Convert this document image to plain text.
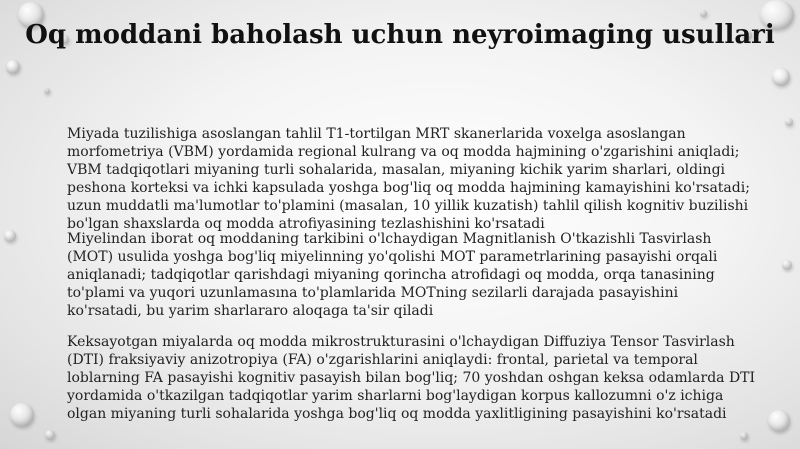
Oq moddani baholash uchun neyroimaging usullari
Miyada tuzilishiga asoslangan tahlil T1-tortilgan MRT skanerlarida voxelga asoslangan morfometriya (VBM) yordamida regional kulrang va oq modda hajmining o'zgarishini aniqladi; VBM tadqiqotlari miyaning turli sohalarida, masalan, miyaning kichik yarim sharlari, oldingi peshona korteksi va ichki kapsulada yoshga bog'liq oq modda hajmining kamayishini ko'rsatadi; uzun muddatli ma'lumotlar to'plamini (masalan, 10 yillik kuzatish) tahlil qilish kognitiv buzilishi bo'lgan shaxslarda oq modda atrofiyasining tezlashishini ko'rsatadi
Miyelindan iborat oq moddaning tarkibini o'lchaydigan Magnitlanish O'tkazishli Tasvirlash (MOT) usulida yoshga bog'liq miyelinning yo'qolishi MOT parametrlarining pasayishi orqali aniqlanadi; tadqiqotlar qarishdagi miyaning qorincha atrofidagi oq modda, orqa tanasining to'plami va yuqori uzunlamasına to'plamlarida MOTning sezilarli darajada pasayishini ko'rsatadi, bu yarim sharlararo aloqaga ta'sir qiladi
Keksayotgan miyalarda oq modda mikrostrukturasini o'lchaydigan Diffuziya Tensor Tasvirlash (DTI) fraksiyaviy anizotropiya (FA) o'zgarishlarini aniqlaydi: frontal, parietal va temporal loblarning FA pasayishi kognitiv pasayish bilan bog'liq; 70 yoshdan oshgan keksa odamlarda DTI yordamida o'tkazilgan tadqiqotlar yarim sharlarni bog'laydigan korpus kallozumni o'z ichiga olgan miyaning turli sohalarida yoshga bog'liq oq modda yaxlitligining pasayishini ko'rsatadi
